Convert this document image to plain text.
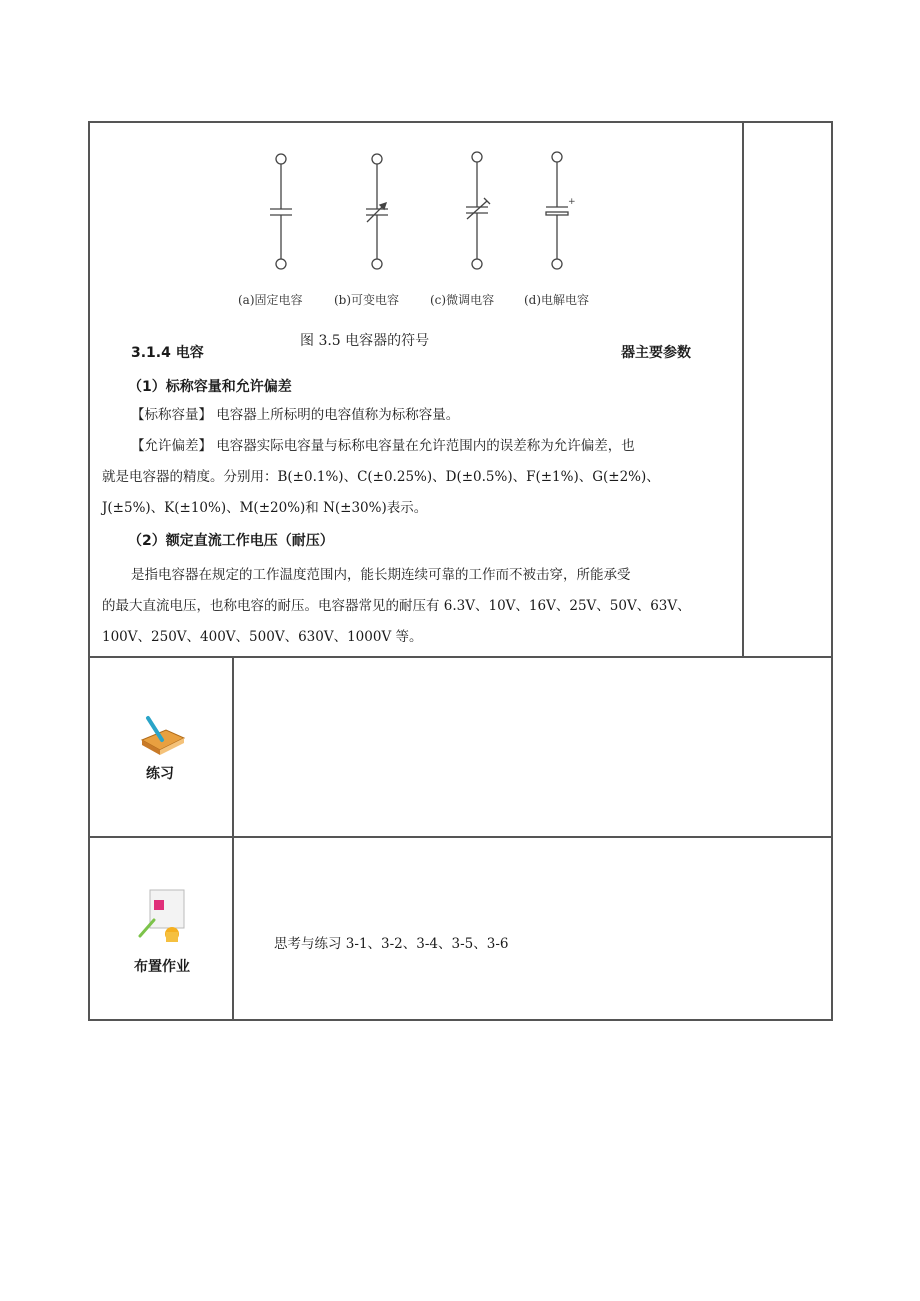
+
(a)固定电容	(b)可变电容	(c)微调电容 (d)电解电容
图 3.5 电容器的符号
3.1.4 电容	器主要参数
（1）标称容量和允许偏差
【标称容量】 电容器上所标明的电容值称为标称容量。
【允许偏差】 电容器实际电容量与标称电容量在允许范围内的误差称为允许偏差，也
就是电容器的精度。分别用：B(±0.1%)、C(±0.25%)、D(±0.5%)、F(±1%)、G(±2%)、
J(±5%)、K(±10%)、M(±20%)和 N(±30%)表示。
（2）额定直流工作电压（耐压）
是指电容器在规定的工作温度范围内，能长期连续可靠的工作而不被击穿，所能承受
的最大直流电压，也称电容的耐压。电容器常见的耐压有 6.3V、10V、16V、25V、50V、63V、
100V、250V、400V、500V、630V、1000V 等。
练习
布置作业
思考与练习 3-1、3-2、3-4、3-5、3-6
